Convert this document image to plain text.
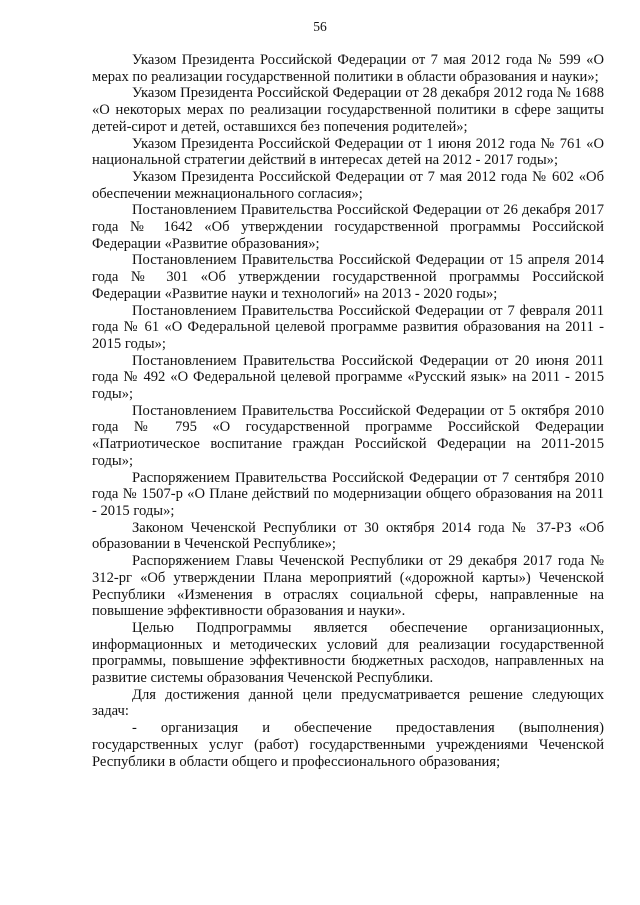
56

Указом Президента Российской Федерации от 7 мая 2012 года № 599 «О мерах по реализации государственной политики в области образования и науки»;

Указом Президента Российской Федерации от 28 декабря 2012 года № 1688 «О некоторых мерах по реализации государственной политики в сфере защиты детей-сирот и детей, оставшихся без попечения родителей»;

Указом Президента Российской Федерации от 1 июня 2012 года № 761 «О национальной стратегии действий в интересах детей на 2012 - 2017 годы»;

Указом Президента Российской Федерации от 7 мая 2012 года № 602 «Об обеспечении межнационального согласия»;

Постановлением Правительства Российской Федерации от 26 декабря 2017 года № 1642 «Об утверждении государственной программы Российской Федерации «Развитие образования»;

Постановлением Правительства Российской Федерации от 15 апреля 2014 года № 301 «Об утверждении государственной программы Российской Федерации «Развитие науки и технологий» на 2013 - 2020 годы»;

Постановлением Правительства Российской Федерации от 7 февраля 2011 года № 61 «О Федеральной целевой программе развития образования на 2011 - 2015 годы»;

Постановлением Правительства Российской Федерации от 20 июня 2011 года № 492 «О Федеральной целевой программе «Русский язык» на 2011 - 2015 годы»;

Постановлением Правительства Российской Федерации от 5 октября 2010 года № 795 «О государственной программе Российской Федерации «Патриотическое воспитание граждан Российской Федерации на 2011-2015 годы»;

Распоряжением Правительства Российской Федерации от 7 сентября 2010 года № 1507-р «О Плане действий по модернизации общего образования на 2011 - 2015 годы»;

Законом Чеченской Республики от 30 октября 2014 года № 37-РЗ «Об образовании в Чеченской Республике»;

Распоряжением Главы Чеченской Республики от 29 декабря 2017 года № 312-рг «Об утверждении Плана мероприятий («дорожной карты») Чеченской Республики «Изменения в отраслях социальной сферы, направленные на повышение эффективности образования и науки».

Целью Подпрограммы является обеспечение организационных, информационных и методических условий для реализации государственной программы, повышение эффективности бюджетных расходов, направленных на развитие системы образования Чеченской Республики.

Для достижения данной цели предусматривается решение следующих задач:

- организация и обеспечение предоставления (выполнения) государственных услуг (работ) государственными учреждениями Чеченской Республики в области общего и профессионального образования;
